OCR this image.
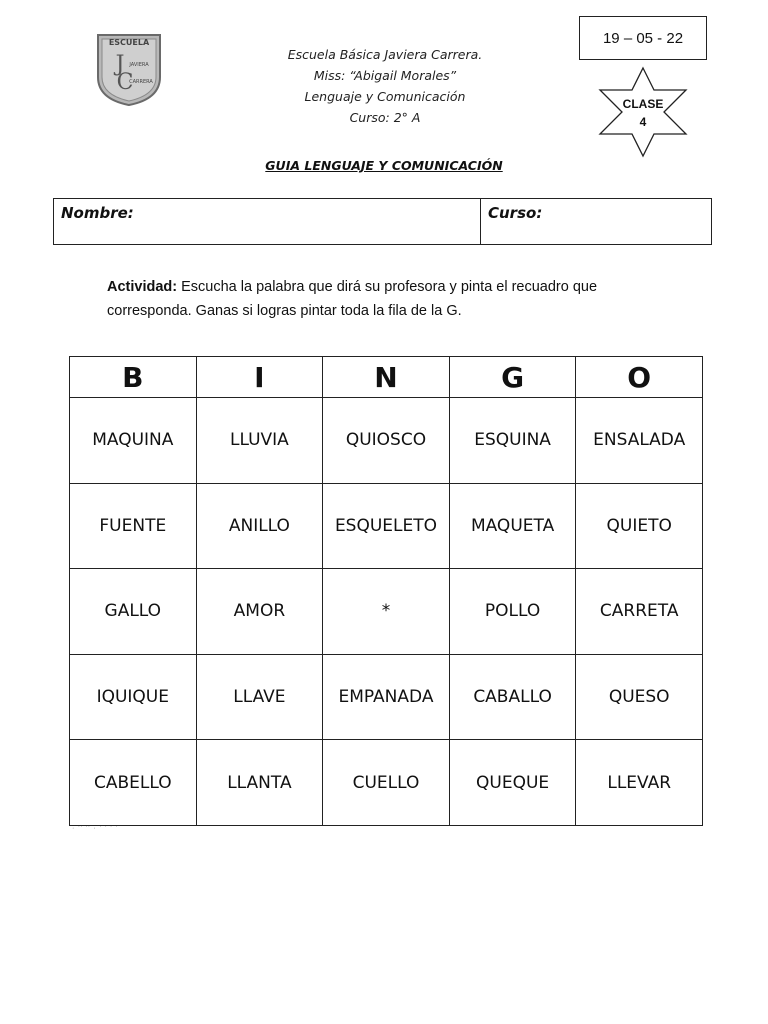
ESCUELA
J
C
JAVIERA
CARRERA
Escuela Básica Javiera Carrera.
Miss: “Abigail Morales”
Lenguaje y Comunicación
Curso: 2° A
19 – 05 - 22
CLASE
4
GUIA LENGUAJE Y COMUNICACIÓN
Nombre:	Curso:
Actividad: Escucha la palabra que dirá su profesora y pinta el recuadro que corresponda. Ganas si logras pintar toda la fila de la G.
B	I	N	G	O
MAQUINA	LLUVIA	QUIOSCO	ESQUINA	ENSALADA
FUENTE	ANILLO	ESQUELETO	MAQUETA	QUIETO
GALLO	AMOR	*	POLLO	CARRETA
IQUIQUE	LLAVE	EMPANADA	CABALLO	QUESO
CABELLO	LLANTA	CUELLO	QUEQUE	LLEVAR
· '' '' · ' ' ' '
